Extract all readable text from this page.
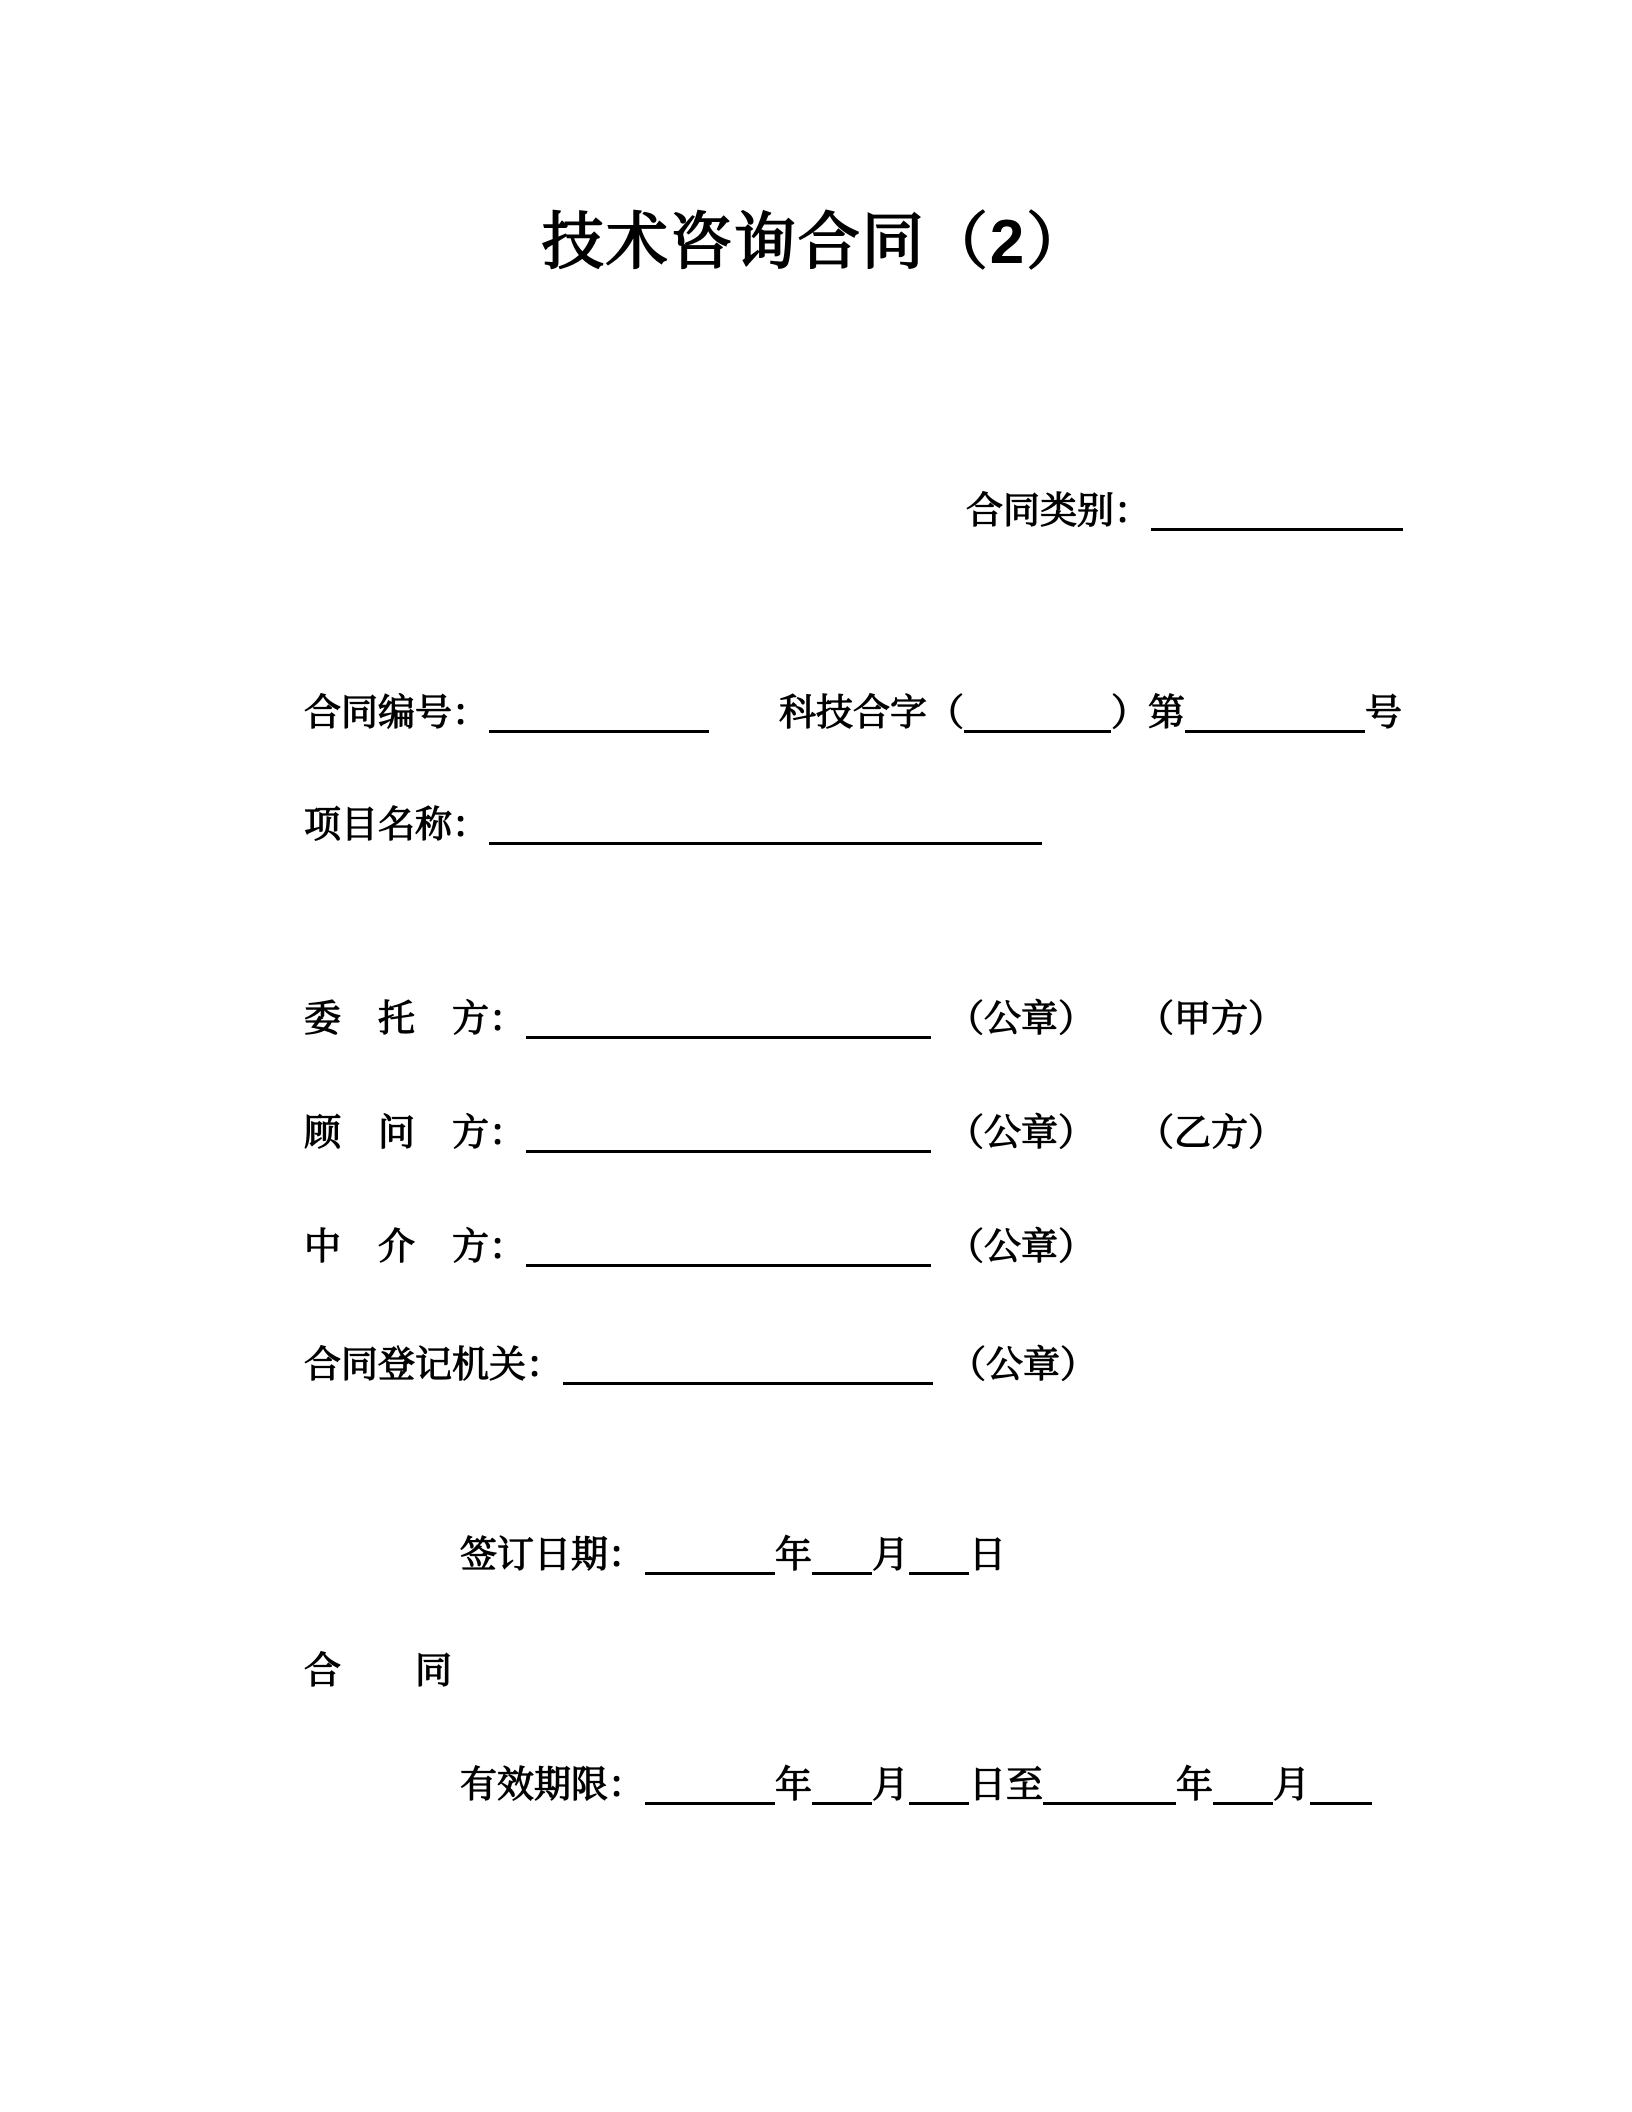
技术咨询合同（2）
合同类别：
合同编号：	科技合字（	）第	号
项目名称：
委　托　方：	（公章） （甲方）
顾　问　方：	（公章） （乙方）
中　介　方：	（公章）
合同登记机关：	（公章）
签订日期：	年 月 日
合　　同
有效期限：	年 月 日至	年 月
